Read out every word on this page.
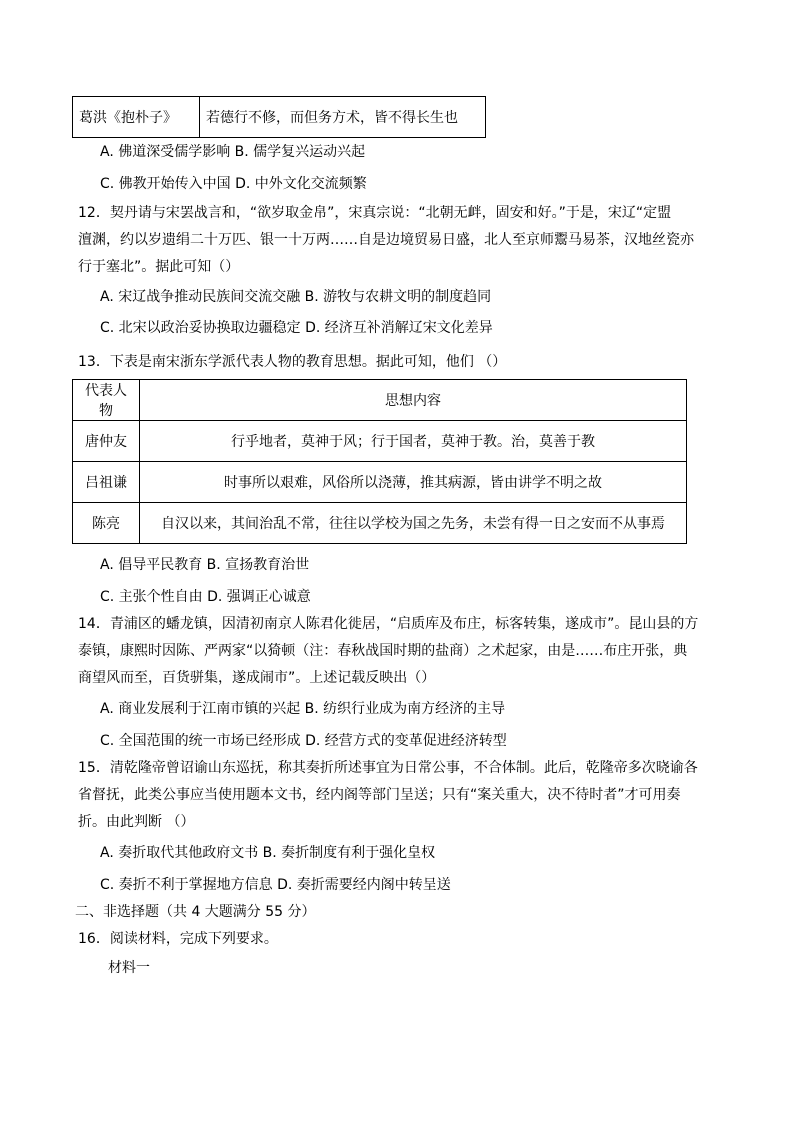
葛洪《抱朴子》	若德行不修，而但务方术，皆不得长生也
A. 佛道深受儒学影响 B. 儒学复兴运动兴起
C. 佛教开始传入中国 D. 中外文化交流频繁
12．契丹请与宋罢战言和，“欲岁取金帛”，宋真宗说：“北朝无衅，固安和好。”于是，宋辽“定盟
澶渊，约以岁遗绢二十万匹、银一十万两……自是边境贸易日盛，北人至京师鬻马易茶，汉地丝瓷亦
行于塞北”。据此可知（）
A. 宋辽战争推动民族间交流交融 B. 游牧与农耕文明的制度趋同
C. 北宋以政治妥协换取边疆稳定 D. 经济互补消解辽宋文化差异
13．下表是南宋浙东学派代表人物的教育思想。据此可知，他们 （）
代表人物	思想内容
唐仲友	行乎地者，莫神于风；行于国者，莫神于教。治，莫善于教
吕祖谦	时事所以艰难，风俗所以浇薄，推其病源，皆由讲学不明之故
陈亮	自汉以来，其间治乱不常，往往以学校为国之先务，未尝有得一日之安而不从事焉
A. 倡导平民教育 B. 宣扬教育治世
C. 主张个性自由 D. 强调正心诚意
14．青浦区的蟠龙镇，因清初南京人陈君化徙居，“启质库及布庄，标客转集，遂成市”。昆山县的方
泰镇，康熙时因陈、严两家“以猗顿（注：春秋战国时期的盐商）之术起家，由是……布庄开张，典
商望风而至，百货骈集，遂成闹市”。上述记载反映出（）
A. 商业发展利于江南市镇的兴起 B. 纺织行业成为南方经济的主导
C. 全国范围的统一市场已经形成 D. 经营方式的变革促进经济转型
15．清乾隆帝曾诏谕山东巡抚，称其奏折所述事宜为日常公事，不合体制。此后，乾隆帝多次晓谕各
省督抚，此类公事应当使用题本文书，经内阁等部门呈送；只有“案关重大，决不待时者”才可用奏
折。由此判断 （）
A. 奏折取代其他政府文书 B. 奏折制度有利于强化皇权
C. 奏折不利于掌握地方信息 D. 奏折需要经内阁中转呈送
二、非选择题（共 4 大题满分 55 分）
16．阅读材料，完成下列要求。
材料一
